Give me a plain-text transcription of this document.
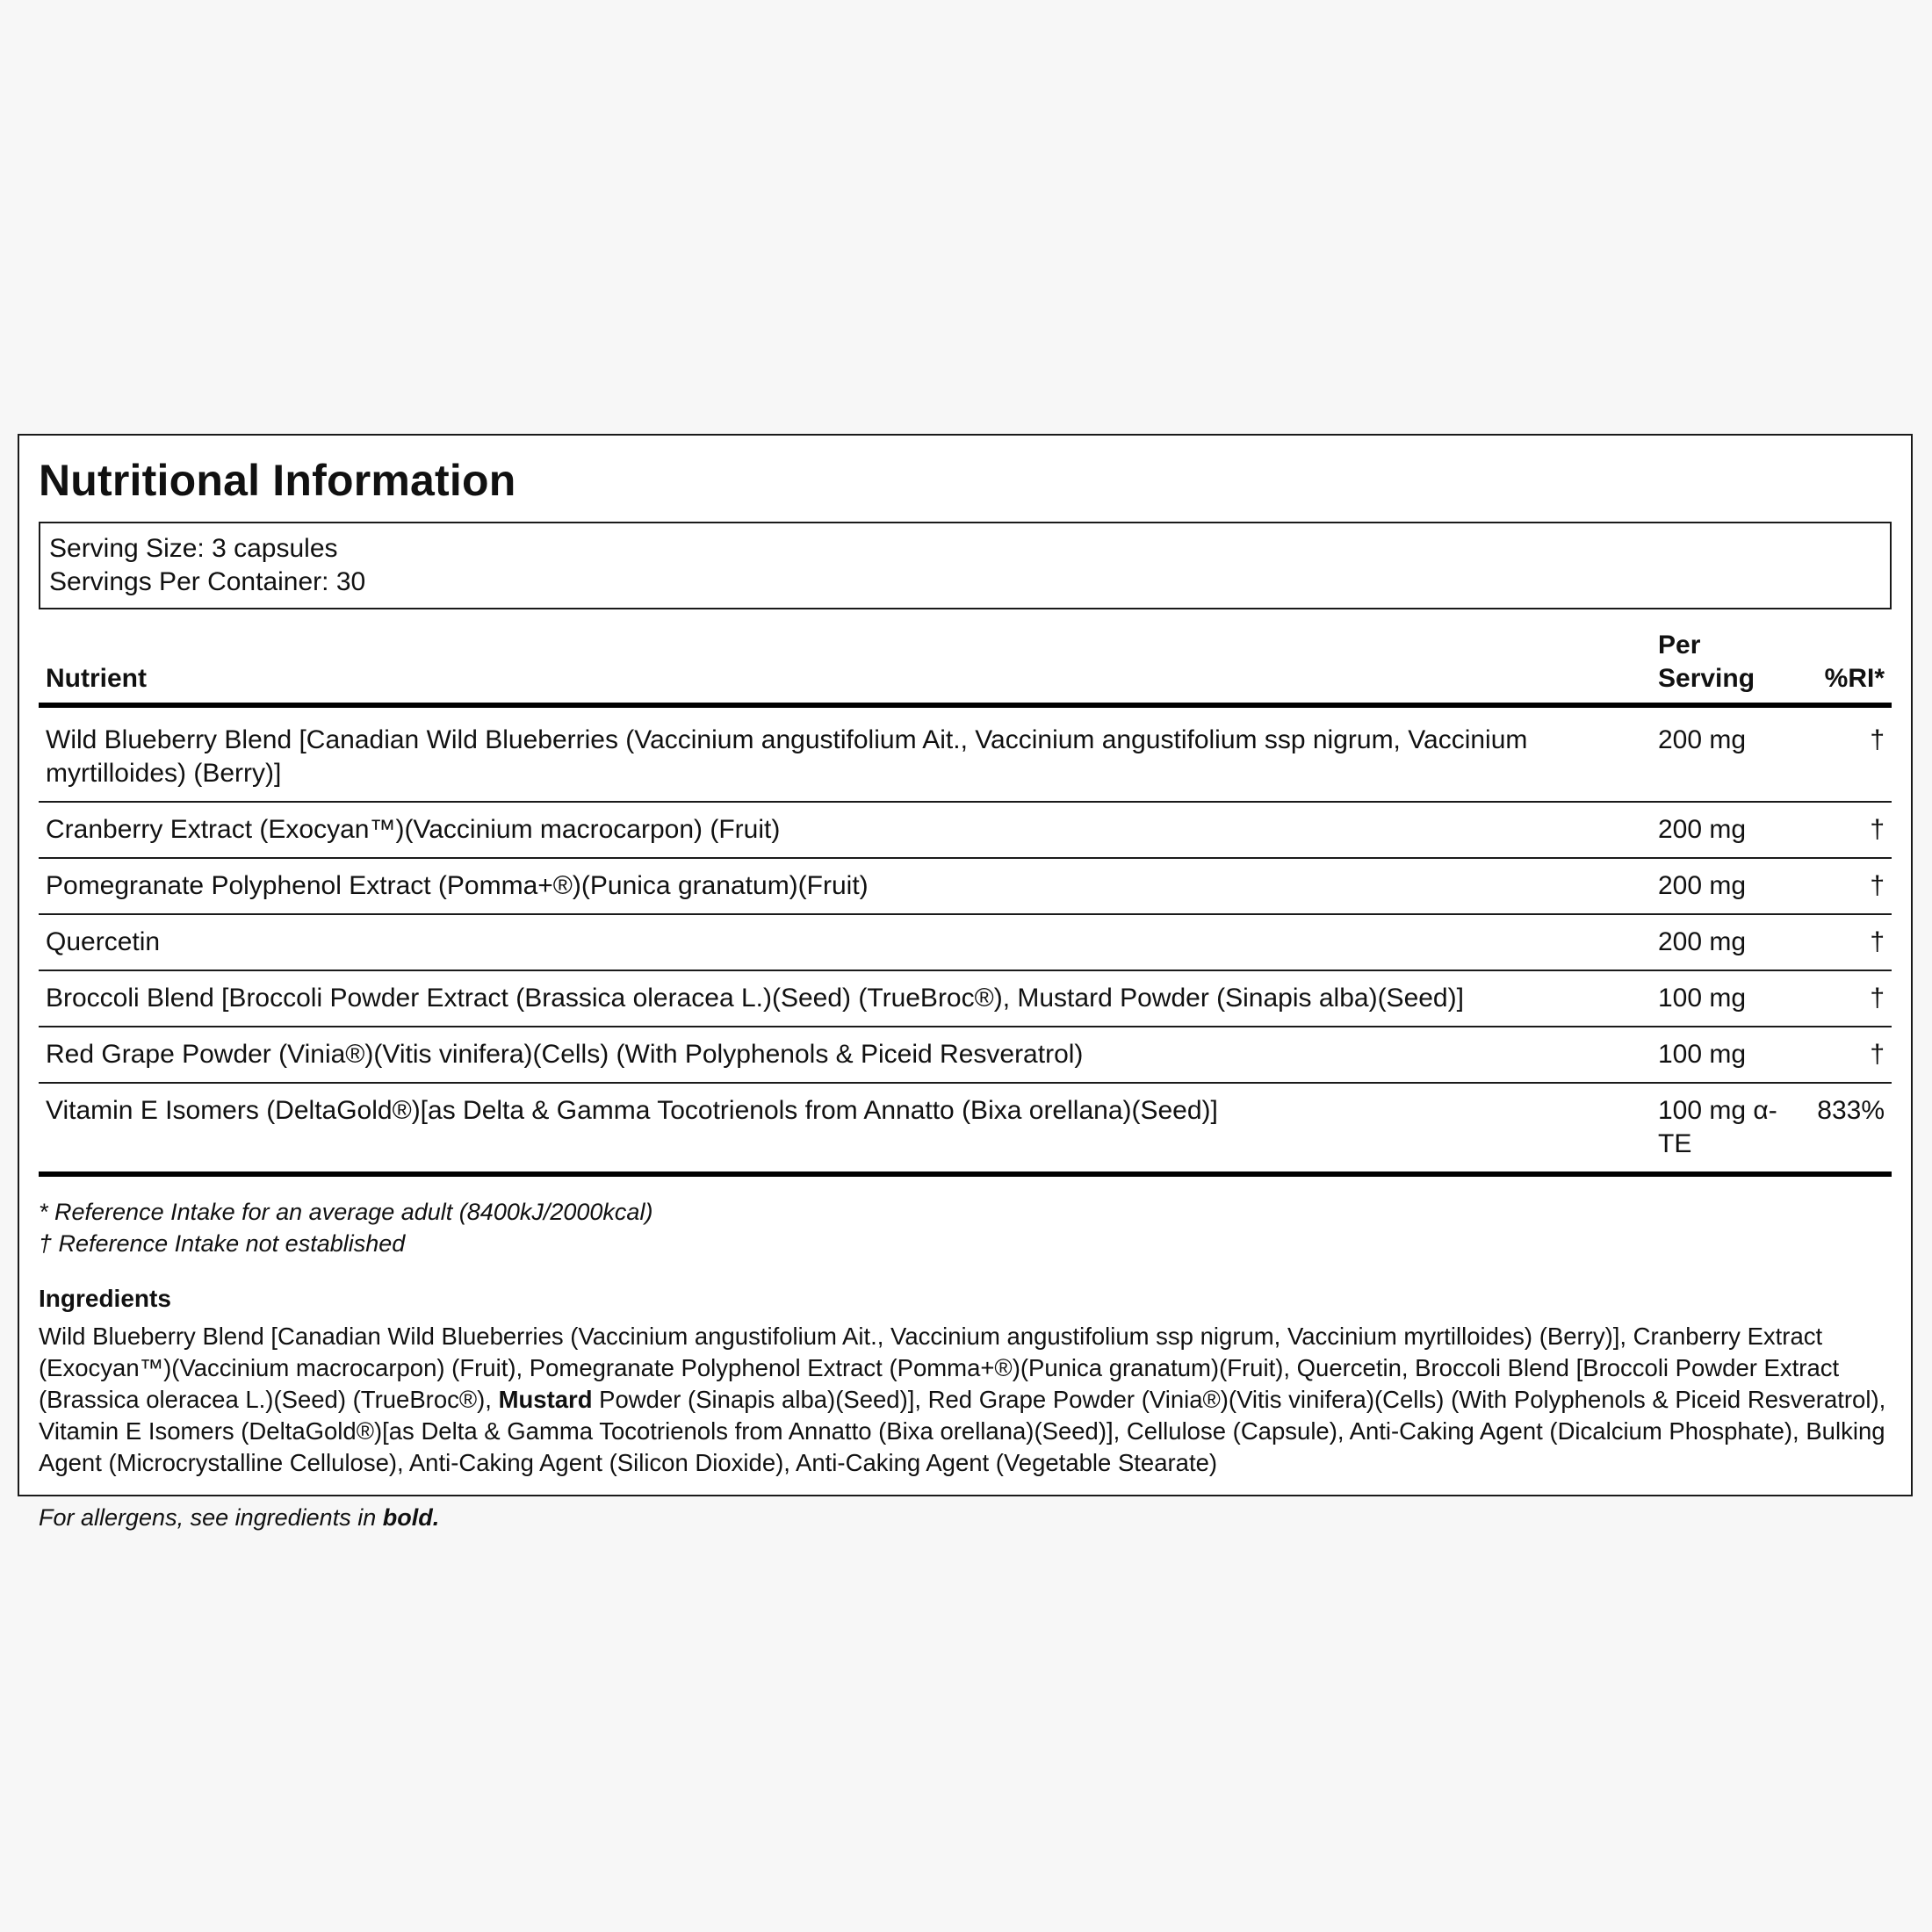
Nutritional Information
Serving Size: 3 capsules
Servings Per Container: 30
Nutrient	Per Serving	%RI*
Wild Blueberry Blend [Canadian Wild Blueberries (Vaccinium angustifolium Ait., Vaccinium angustifolium ssp nigrum, Vaccinium myrtilloides) (Berry)]	200 mg	†
Cranberry Extract (Exocyan™)(Vaccinium macrocarpon) (Fruit)	200 mg	†
Pomegranate Polyphenol Extract (Pomma+®)(Punica granatum)(Fruit)	200 mg	†
Quercetin	200 mg	†
Broccoli Blend [Broccoli Powder Extract (Brassica oleracea L.)(Seed) (TrueBroc®), Mustard Powder (Sinapis alba)(Seed)]	100 mg	†
Red Grape Powder (Vinia®)(Vitis vinifera)(Cells) (With Polyphenols & Piceid Resveratrol)	100 mg	†
Vitamin E Isomers (DeltaGold®)[as Delta & Gamma Tocotrienols from Annatto (Bixa orellana)(Seed)]	100 mg α-TE	833%
* Reference Intake for an average adult (8400kJ/2000kcal)
† Reference Intake not established
Ingredients
Wild Blueberry Blend [Canadian Wild Blueberries (Vaccinium angustifolium Ait., Vaccinium angustifolium ssp nigrum, Vaccinium myrtilloides) (Berry)], Cranberry Extract (Exocyan™)(Vaccinium macrocarpon) (Fruit), Pomegranate Polyphenol Extract (Pomma+®)(Punica granatum)(Fruit), Quercetin, Broccoli Blend [Broccoli Powder Extract (Brassica oleracea L.)(Seed) (TrueBroc®), Mustard Powder (Sinapis alba)(Seed)], Red Grape Powder (Vinia®)(Vitis vinifera)(Cells) (With Polyphenols & Piceid Resveratrol), Vitamin E Isomers (DeltaGold®)[as Delta & Gamma Tocotrienols from Annatto (Bixa orellana)(Seed)], Cellulose (Capsule), Anti-Caking Agent (Dicalcium Phosphate), Bulking Agent (Microcrystalline Cellulose), Anti-Caking Agent (Silicon Dioxide), Anti-Caking Agent (Vegetable Stearate)
For allergens, see ingredients in bold.
